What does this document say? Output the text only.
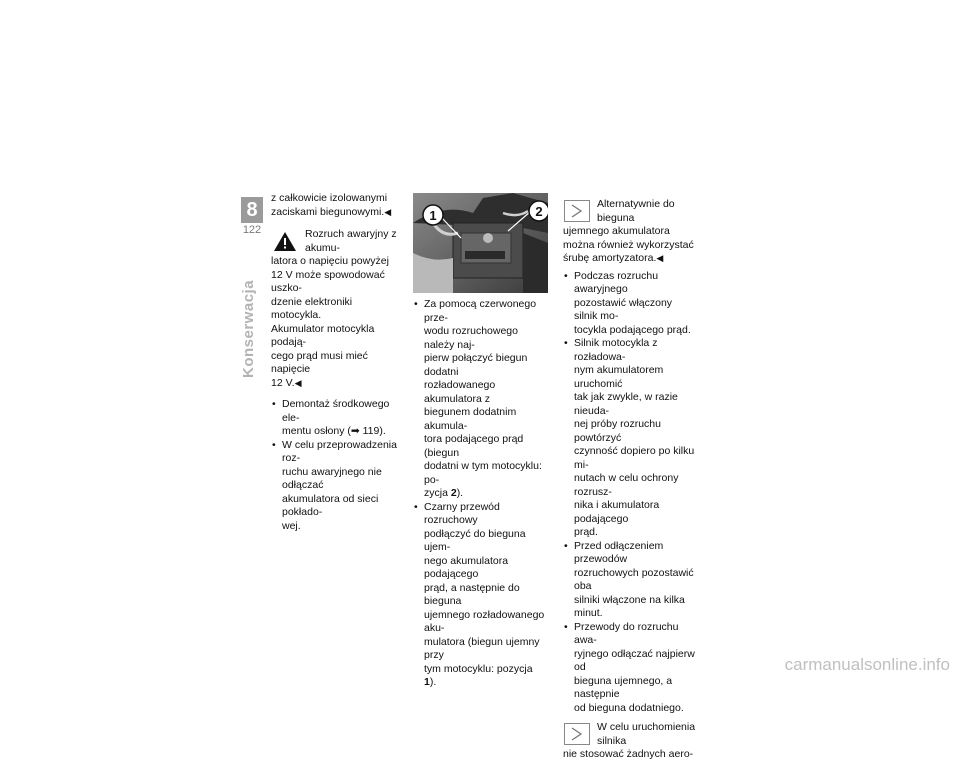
8
122
Konserwacja

z całkowicie izolowanymi
zaciskami biegunowymi.◀

Rozruch awaryjny z akumu-
latora o napięciu powyżej
12 V może spowodować uszko-
dzenie elektroniki motocykla.
Akumulator motocykla podają-
cego prąd musi mieć napięcie
12 V.◀

• Demontaż środkowego ele-
mentu osłony (➡ 119).
• W celu przeprowadzenia roz-
ruchu awaryjnego nie odłączać
akumulatora od sieci pokłado-
wej.
1	2
• Za pomocą czerwonego prze-
wodu rozruchowego należy naj-
pierw połączyć biegun dodatni
rozładowanego akumulatora z
biegunem dodatnim akumula-
tora podającego prąd (biegun
dodatni w tym motocyklu: po-
zycja 2).
• Czarny przewód rozruchowy
podłączyć do bieguna ujem-
nego akumulatora podającego
prąd, a następnie do bieguna
ujemnego rozładowanego aku-
mulatora (biegun ujemny przy
tym motocyklu: pozycja 1).

Alternatywnie do bieguna
ujemnego akumulatora
można również wykorzystać
śrubę amortyzatora.◀

• Podczas rozruchu awaryjnego
pozostawić włączony silnik mo-
tocykla podającego prąd.
• Silnik motocykla z rozładowa-
nym akumulatorem uruchomić
tak jak zwykle, w razie nieuda-
nej próby rozruchu powtórzyć
czynność dopiero po kilku mi-
nutach w celu ochrony rozrusz-
nika i akumulatora podającego
prąd.
• Przed odłączeniem przewodów
rozruchowych pozostawić oba
silniki włączone na kilka minut.
• Przewody do rozruchu awa-
ryjnego odłączać najpierw od
bieguna ujemnego, a następnie
od bieguna dodatniego.

W celu uruchomienia silnika
nie stosować żadnych aero-

carmanualsonline.info
